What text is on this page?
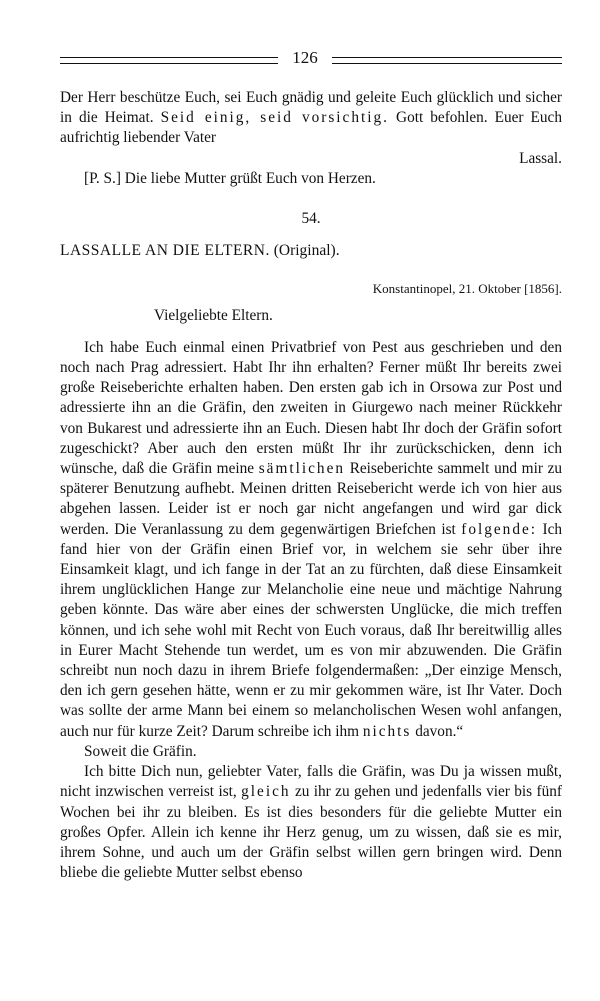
126

Der Herr beschütze Euch, sei Euch gnädig und geleite Euch glücklich und sicher in die Heimat. Seid einig, seid vorsichtig. Gott befohlen. Euer Euch aufrichtig liebender Vater

Lassal.

[P. S.] Die liebe Mutter grüßt Euch von Herzen.

54.

LASSALLE AN DIE ELTERN. (Original).

Konstantinopel, 21. Oktober [1856].

Vielgeliebte Eltern.

Ich habe Euch einmal einen Privatbrief von Pest aus geschrieben und den noch nach Prag adressiert. Habt Ihr ihn erhalten? Ferner müßt Ihr bereits zwei große Reiseberichte erhalten haben. Den ersten gab ich in Orsowa zur Post und adressierte ihn an die Gräfin, den zweiten in Giurgewo nach meiner Rückkehr von Bukarest und adressierte ihn an Euch. Diesen habt Ihr doch der Gräfin sofort zugeschickt? Aber auch den ersten müßt Ihr ihr zurückschicken, denn ich wünsche, daß die Gräfin meine sämtlichen Reiseberichte sammelt und mir zu späterer Benutzung aufhebt. Meinen dritten Reisebericht werde ich von hier aus abgehen lassen. Leider ist er noch gar nicht angefangen und wird gar dick werden. Die Veranlassung zu dem gegenwärtigen Briefchen ist folgende: Ich fand hier von der Gräfin einen Brief vor, in welchem sie sehr über ihre Einsamkeit klagt, und ich fange in der Tat an zu fürchten, daß diese Einsamkeit ihrem unglücklichen Hange zur Melancholie eine neue und mächtige Nahrung geben könnte. Das wäre aber eines der schwersten Unglücke, die mich treffen können, und ich sehe wohl mit Recht von Euch voraus, daß Ihr bereitwillig alles in Eurer Macht Stehende tun werdet, um es von mir abzuwenden. Die Gräfin schreibt nun noch dazu in ihrem Briefe folgendermaßen: „Der einzige Mensch, den ich gern gesehen hätte, wenn er zu mir gekommen wäre, ist Ihr Vater. Doch was sollte der arme Mann bei einem so melancholischen Wesen wohl anfangen, auch nur für kurze Zeit? Darum schreibe ich ihm nichts davon.“

Soweit die Gräfin.

Ich bitte Dich nun, geliebter Vater, falls die Gräfin, was Du ja wissen mußt, nicht inzwischen verreist ist, gleich zu ihr zu gehen und jedenfalls vier bis fünf Wochen bei ihr zu bleiben. Es ist dies besonders für die geliebte Mutter ein großes Opfer. Allein ich kenne ihr Herz genug, um zu wissen, daß sie es mir, ihrem Sohne, und auch um der Gräfin selbst willen gern bringen wird. Denn bliebe die geliebte Mutter selbst ebenso
